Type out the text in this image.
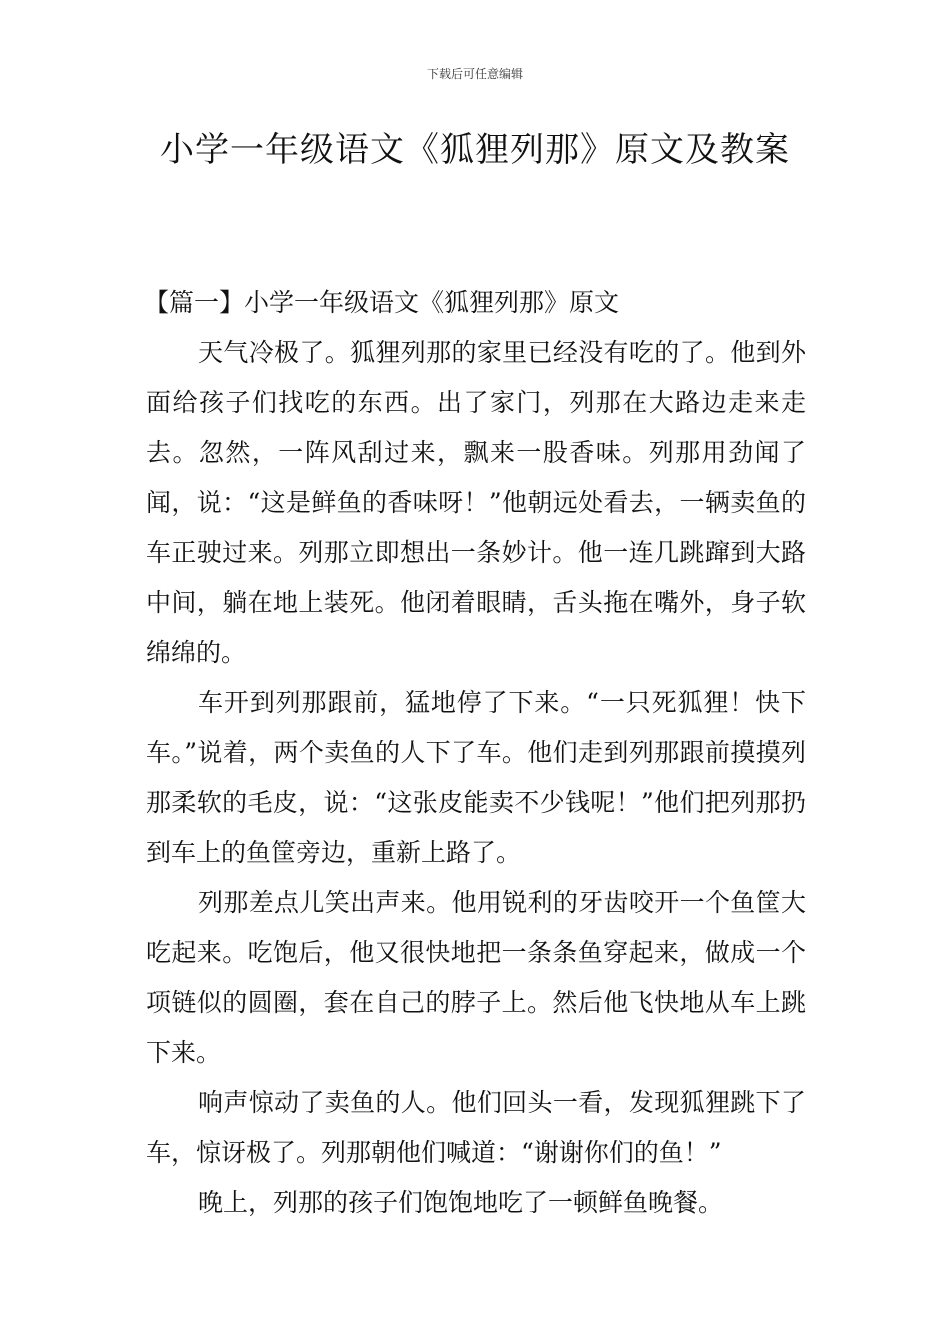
下载后可任意编辑
小学一年级语文《狐狸列那》原文及教案
【篇一】小学一年级语文《狐狸列那》原文

天气冷极了。狐狸列那的家里已经没有吃的了。他到外面给孩子们找吃的东西。出了家门，列那在大路边走来走去。忽然，一阵风刮过来，飘来一股香味。列那用劲闻了闻，说：“这是鲜鱼的香味呀！”他朝远处看去，一辆卖鱼的车正驶过来。列那立即想出一条妙计。他一连几跳蹿到大路中间，躺在地上装死。他闭着眼睛，舌头拖在嘴外，身子软绵绵的。

车开到列那跟前，猛地停了下来。“一只死狐狸！快下车。”说着，两个卖鱼的人下了车。他们走到列那跟前摸摸列那柔软的毛皮，说：“这张皮能卖不少钱呢！”他们把列那扔到车上的鱼筐旁边，重新上路了。

列那差点儿笑出声来。他用锐利的牙齿咬开一个鱼筐大吃起来。吃饱后，他又很快地把一条条鱼穿起来，做成一个项链似的圆圈，套在自己的脖子上。然后他飞快地从车上跳下来。

响声惊动了卖鱼的人。他们回头一看，发现狐狸跳下了车，惊讶极了。列那朝他们喊道：“谢谢你们的鱼！”

晚上，列那的孩子们饱饱地吃了一顿鲜鱼晚餐。
